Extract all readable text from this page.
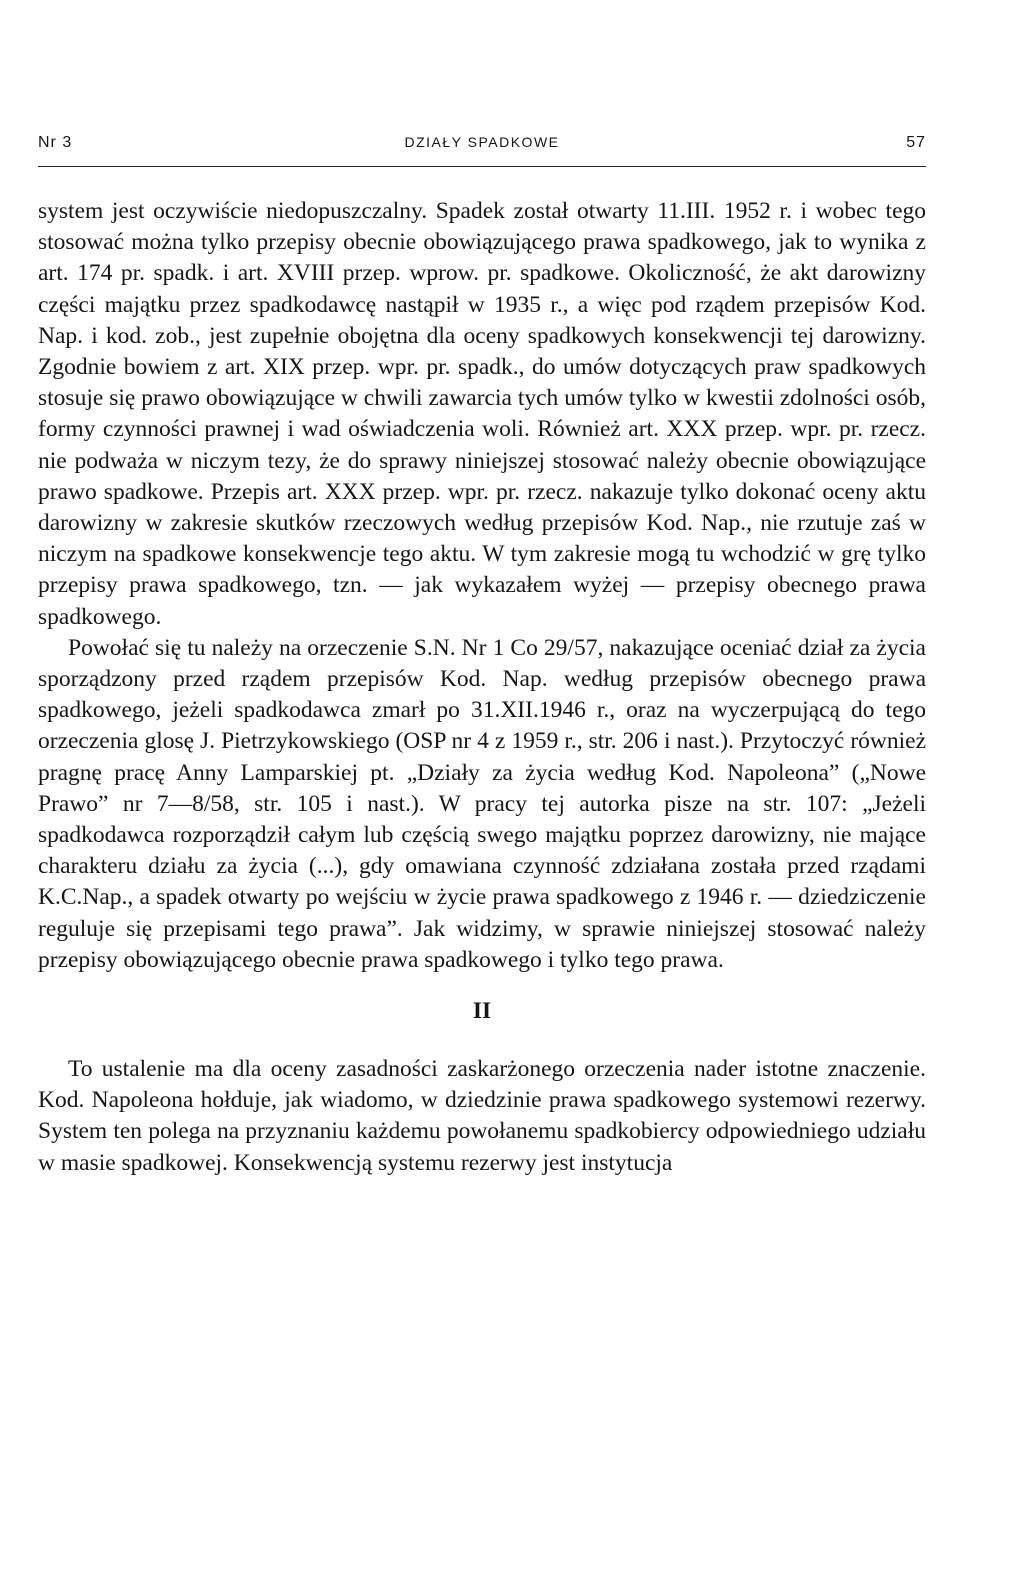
Nr 3	DZIAŁY SPADKOWE	57

system jest oczywiście niedopuszczalny. Spadek został otwarty 11.III. 1952 r. i wobec tego stosować można tylko przepisy obecnie obowiązującego prawa spadkowego, jak to wynika z art. 174 pr. spadk. i art. XVIII przep. wprow. pr. spadkowe. Okoliczność, że akt darowizny części majątku przez spadkodawcę nastąpił w 1935 r., a więc pod rządem przepisów Kod. Nap. i kod. zob., jest zupełnie obojętna dla oceny spadkowych konsekwencji tej darowizny. Zgodnie bowiem z art. XIX przep. wpr. pr. spadk., do umów dotyczących praw spadkowych stosuje się prawo obowiązujące w chwili zawarcia tych umów tylko w kwestii zdolności osób, formy czynności prawnej i wad oświadczenia woli. Również art. XXX przep. wpr. pr. rzecz. nie podważa w niczym tezy, że do sprawy niniejszej stosować należy obecnie obowiązujące prawo spadkowe. Przepis art. XXX przep. wpr. pr. rzecz. nakazuje tylko dokonać oceny aktu darowizny w zakresie skutków rzeczowych według przepisów Kod. Nap., nie rzutuje zaś w niczym na spadkowe konsekwencje tego aktu. W tym zakresie mogą tu wchodzić w grę tylko przepisy prawa spadkowego, tzn. — jak wykazałem wyżej — przepisy obecnego prawa spadkowego.

Powołać się tu należy na orzeczenie S.N. Nr 1 Co 29/57, nakazujące oceniać dział za życia sporządzony przed rządem przepisów Kod. Nap. według przepisów obecnego prawa spadkowego, jeżeli spadkodawca zmarł po 31.XII.1946 r., oraz na wyczerpującą do tego orzeczenia glosę J. Pietrzykowskiego (OSP nr 4 z 1959 r., str. 206 i nast.). Przytoczyć również pragnę pracę Anny Lamparskiej pt. „Działy za życia według Kod. Napoleona” („Nowe Prawo” nr 7—8/58, str. 105 i nast.). W pracy tej autorka pisze na str. 107: „Jeżeli spadkodawca rozporządził całym lub częścią swego majątku poprzez darowizny, nie mające charakteru działu za życia (...), gdy omawiana czynność zdziałana została przed rządami K.C.Nap., a spadek otwarty po wejściu w życie prawa spadkowego z 1946 r. — dziedziczenie reguluje się przepisami tego prawa”. Jak widzimy, w sprawie niniejszej stosować należy przepisy obowiązującego obecnie prawa spadkowego i tylko tego prawa.

II

To ustalenie ma dla oceny zasadności zaskarżonego orzeczenia nader istotne znaczenie. Kod. Napoleona hołduje, jak wiadomo, w dziedzinie prawa spadkowego systemowi rezerwy. System ten polega na przyznaniu każdemu powołanemu spadkobiercy odpowiedniego udziału w masie spadkowej. Konsekwencją systemu rezerwy jest instytucja
